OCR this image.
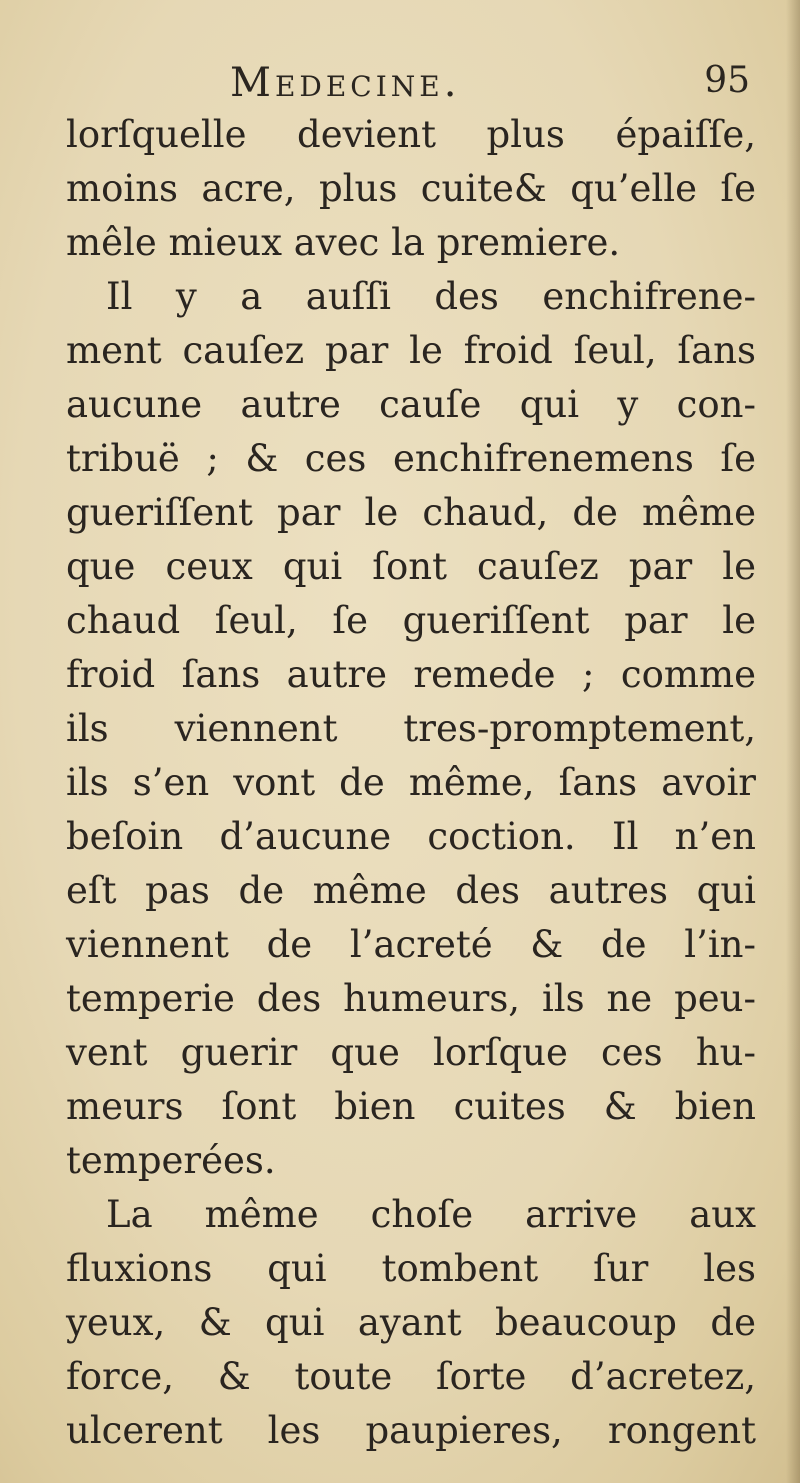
Medecine.	95
lorſquelle devient plus épaiſſe,
moins acre, plus cuite& qu’elle ſe
mêle mieux avec la premiere.
Il y a auſſi des enchifrene-
ment cauſez par le froid ſeul, ſans
aucune autre cauſe qui y con-
tribuë ; & ces enchifrenemens ſe
gueriſſent par le chaud, de même
que ceux qui ſont cauſez par le
chaud ſeul, ſe gueriſſent par le
froid ſans autre remede ; comme
ils viennent tres-promptement,
ils s’en vont de même, ſans avoir
beſoin d’aucune coction. Il n’en
eſt pas de même des autres qui
viennent de l’acreté & de l’in-
temperie des humeurs, ils ne peu-
vent guerir que lorſque ces hu-
meurs ſont bien cuites & bien
temperées.
La même choſe arrive aux
fluxions qui tombent ſur les
yeux, & qui ayant beaucoup de
force, & toute ſorte d’acretez,
ulcerent les paupieres, rongent
